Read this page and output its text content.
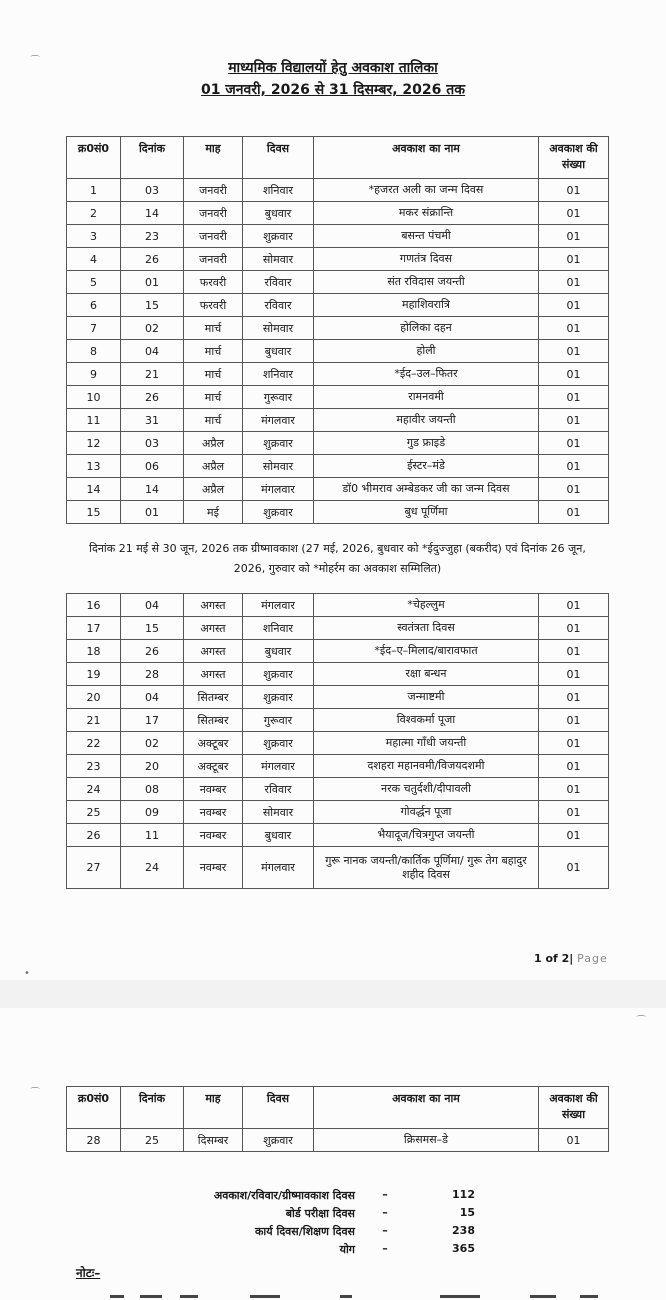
माध्यमिक विद्यालयों हेतु अवकाश तालिका
01 जनवरी, 2026 से 31 दिसम्बर, 2026 तक
क्र0सं0	दिनांक	माह	दिवस	अवकाश का नाम	अवकाश की संख्या
1	03	जनवरी	शनिवार	*हजरत अली का जन्म दिवस	01
2	14	जनवरी	बुधवार	मकर संक्रान्ति	01
3	23	जनवरी	शुक्रवार	बसन्त पंचमी	01
4	26	जनवरी	सोमवार	गणतंत्र दिवस	01
5	01	फरवरी	रविवार	संत रविदास जयन्ती	01
6	15	फरवरी	रविवार	महाशिवरात्रि	01
7	02	मार्च	सोमवार	होलिका दहन	01
8	04	मार्च	बुधवार	होली	01
9	21	मार्च	शनिवार	*ईद–उल–फितर	01
10	26	मार्च	गुरूवार	रामनवमी	01
11	31	मार्च	मंगलवार	महावीर जयन्ती	01
12	03	अप्रैल	शुक्रवार	गुड फ्राइडे	01
13	06	अप्रैल	सोमवार	ईस्टर–मंडे	01
14	14	अप्रैल	मंगलवार	डॉ0 भीमराव अम्बेडकर जी का जन्म दिवस	01
15	01	मई	शुक्रवार	बुध पूर्णिमा	01
दिनांक 21 मई से 30 जून, 2026 तक ग्रीष्मावकाश (27 मई, 2026, बुधवार को *ईदुज्जुहा (बकरीद) एवं दिनांक 26 जून, 2026, गुरुवार को *मोहर्रम का अवकाश सम्मिलित)					
16	04	अगस्त	मंगलवार	*चेहल्लुम	01
17	15	अगस्त	शनिवार	स्वतंत्रता दिवस	01
18	26	अगस्त	बुधवार	*ईद–ए–मिलाद/बारावफात	01
19	28	अगस्त	शुक्रवार	रक्षा बन्धन	01
20	04	सितम्बर	शुक्रवार	जन्माष्टमी	01
21	17	सितम्बर	गुरूवार	विश्वकर्मा पूजा	01
22	02	अक्टूबर	शुक्रवार	महात्मा गाँधी जयन्ती	01
23	20	अक्टूबर	मंगलवार	दशहरा महानवमी/विजयदशमी	01
24	08	नवम्बर	रविवार	नरक चतुर्दशी/दीपावली	01
25	09	नवम्बर	सोमवार	गोवर्द्धन पूजा	01
26	11	नवम्बर	बुधवार	भैयादूज/चित्रगुप्त जयन्ती	01
27	24	नवम्बर	मंगलवार	गुरू नानक जयन्ती/कार्तिक पूर्णिमा/ गुरू तेग बहादुर शहीद दिवस	01
1 of 2| Page
⌒
•
⌒
⌒	क्र0सं0	दिनांक	माह	दिवस	अवकाश का नाम	अवकाश की संख्या
28	25	दिसम्बर	शुक्रवार	क्रिसमस–डे	01
अवकाश/रविवार/ग्रीष्मावकाश दिवस	–	112
बोर्ड परीक्षा दिवस	–	15
कार्य दिवस/शिक्षण दिवस	–	238
योग	–	365
नोटः–
